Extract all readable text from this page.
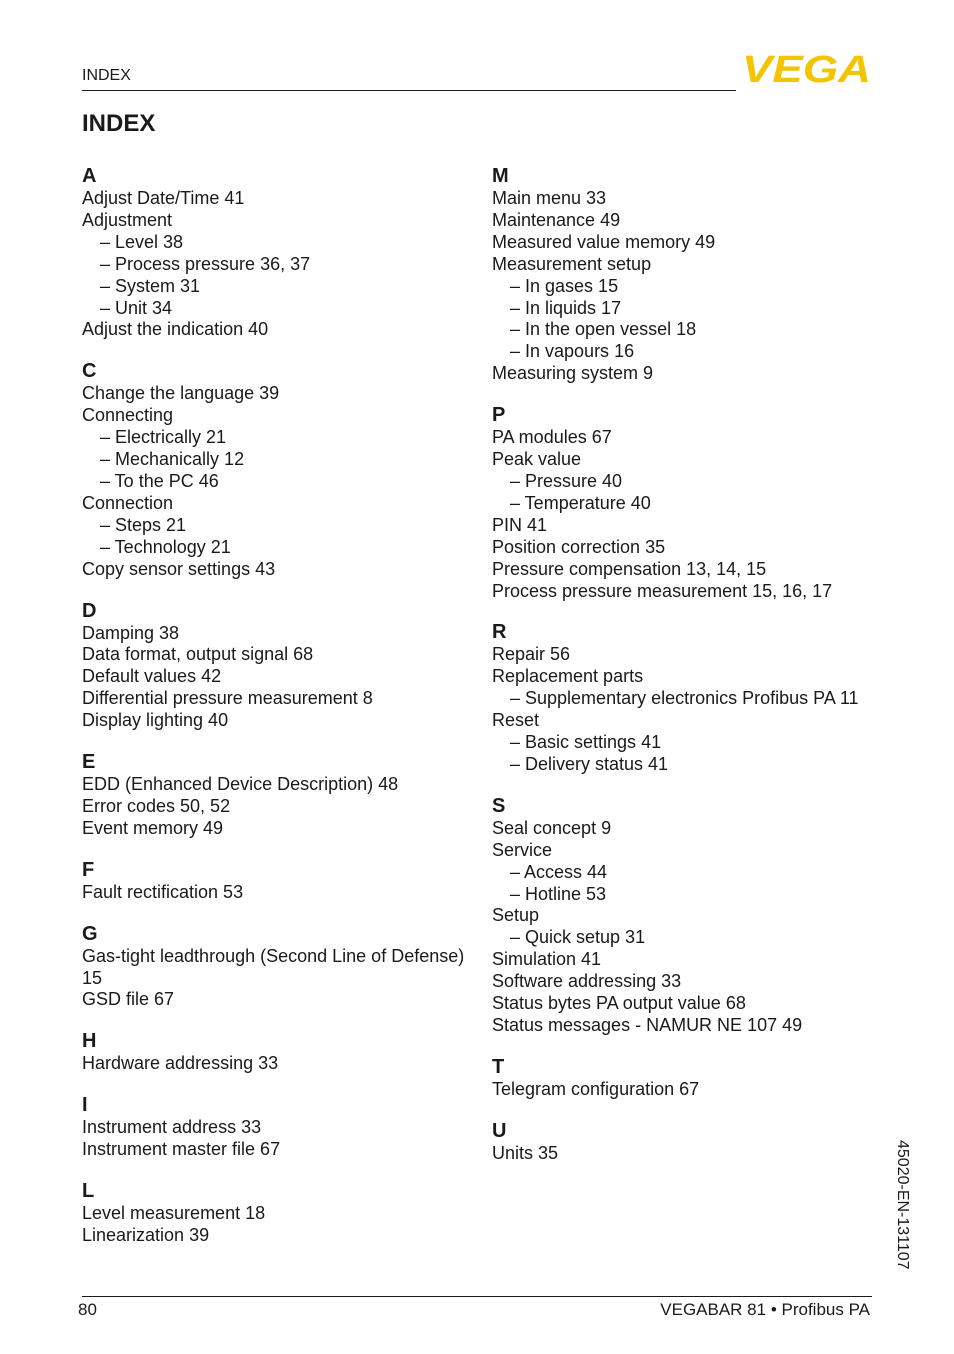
INDEX	VEGA
INDEX
A
Adjust Date/Time 41
Adjustment
– Level 38
– Process pressure 36, 37
– System 31
– Unit 34
Adjust the indication 40
C
Change the language 39
Connecting
– Electrically 21
– Mechanically 12
– To the PC 46
Connection
– Steps 21
– Technology 21
Copy sensor settings 43
D
Damping 38
Data format, output signal 68
Default values 42
Differential pressure measurement 8
Display lighting 40
E
EDD (Enhanced Device Description) 48
Error codes 50, 52
Event memory 49
F
Fault rectification 53
G
Gas-tight leadthrough (Second Line of Defense) 15
GSD file 67
H
Hardware addressing 33
I
Instrument address 33
Instrument master file 67
L
Level measurement 18
Linearization 39
M
Main menu 33
Maintenance 49
Measured value memory 49
Measurement setup
– In gases 15
– In liquids 17
– In the open vessel 18
– In vapours 16
Measuring system 9
P
PA modules 67
Peak value
– Pressure 40
– Temperature 40
PIN 41
Position correction 35
Pressure compensation 13, 14, 15
Process pressure measurement 15, 16, 17
R
Repair 56
Replacement parts
– Supplementary electronics Profibus PA 11
Reset
– Basic settings 41
– Delivery status 41
S
Seal concept 9
Service
– Access 44
– Hotline 53
Setup
– Quick setup 31
Simulation 41
Software addressing 33
Status bytes PA output value 68
Status messages - NAMUR NE 107 49
T
Telegram configuration 67
U
Units 35
80	VEGABAR 81 • Profibus PA
45020-EN-131107
